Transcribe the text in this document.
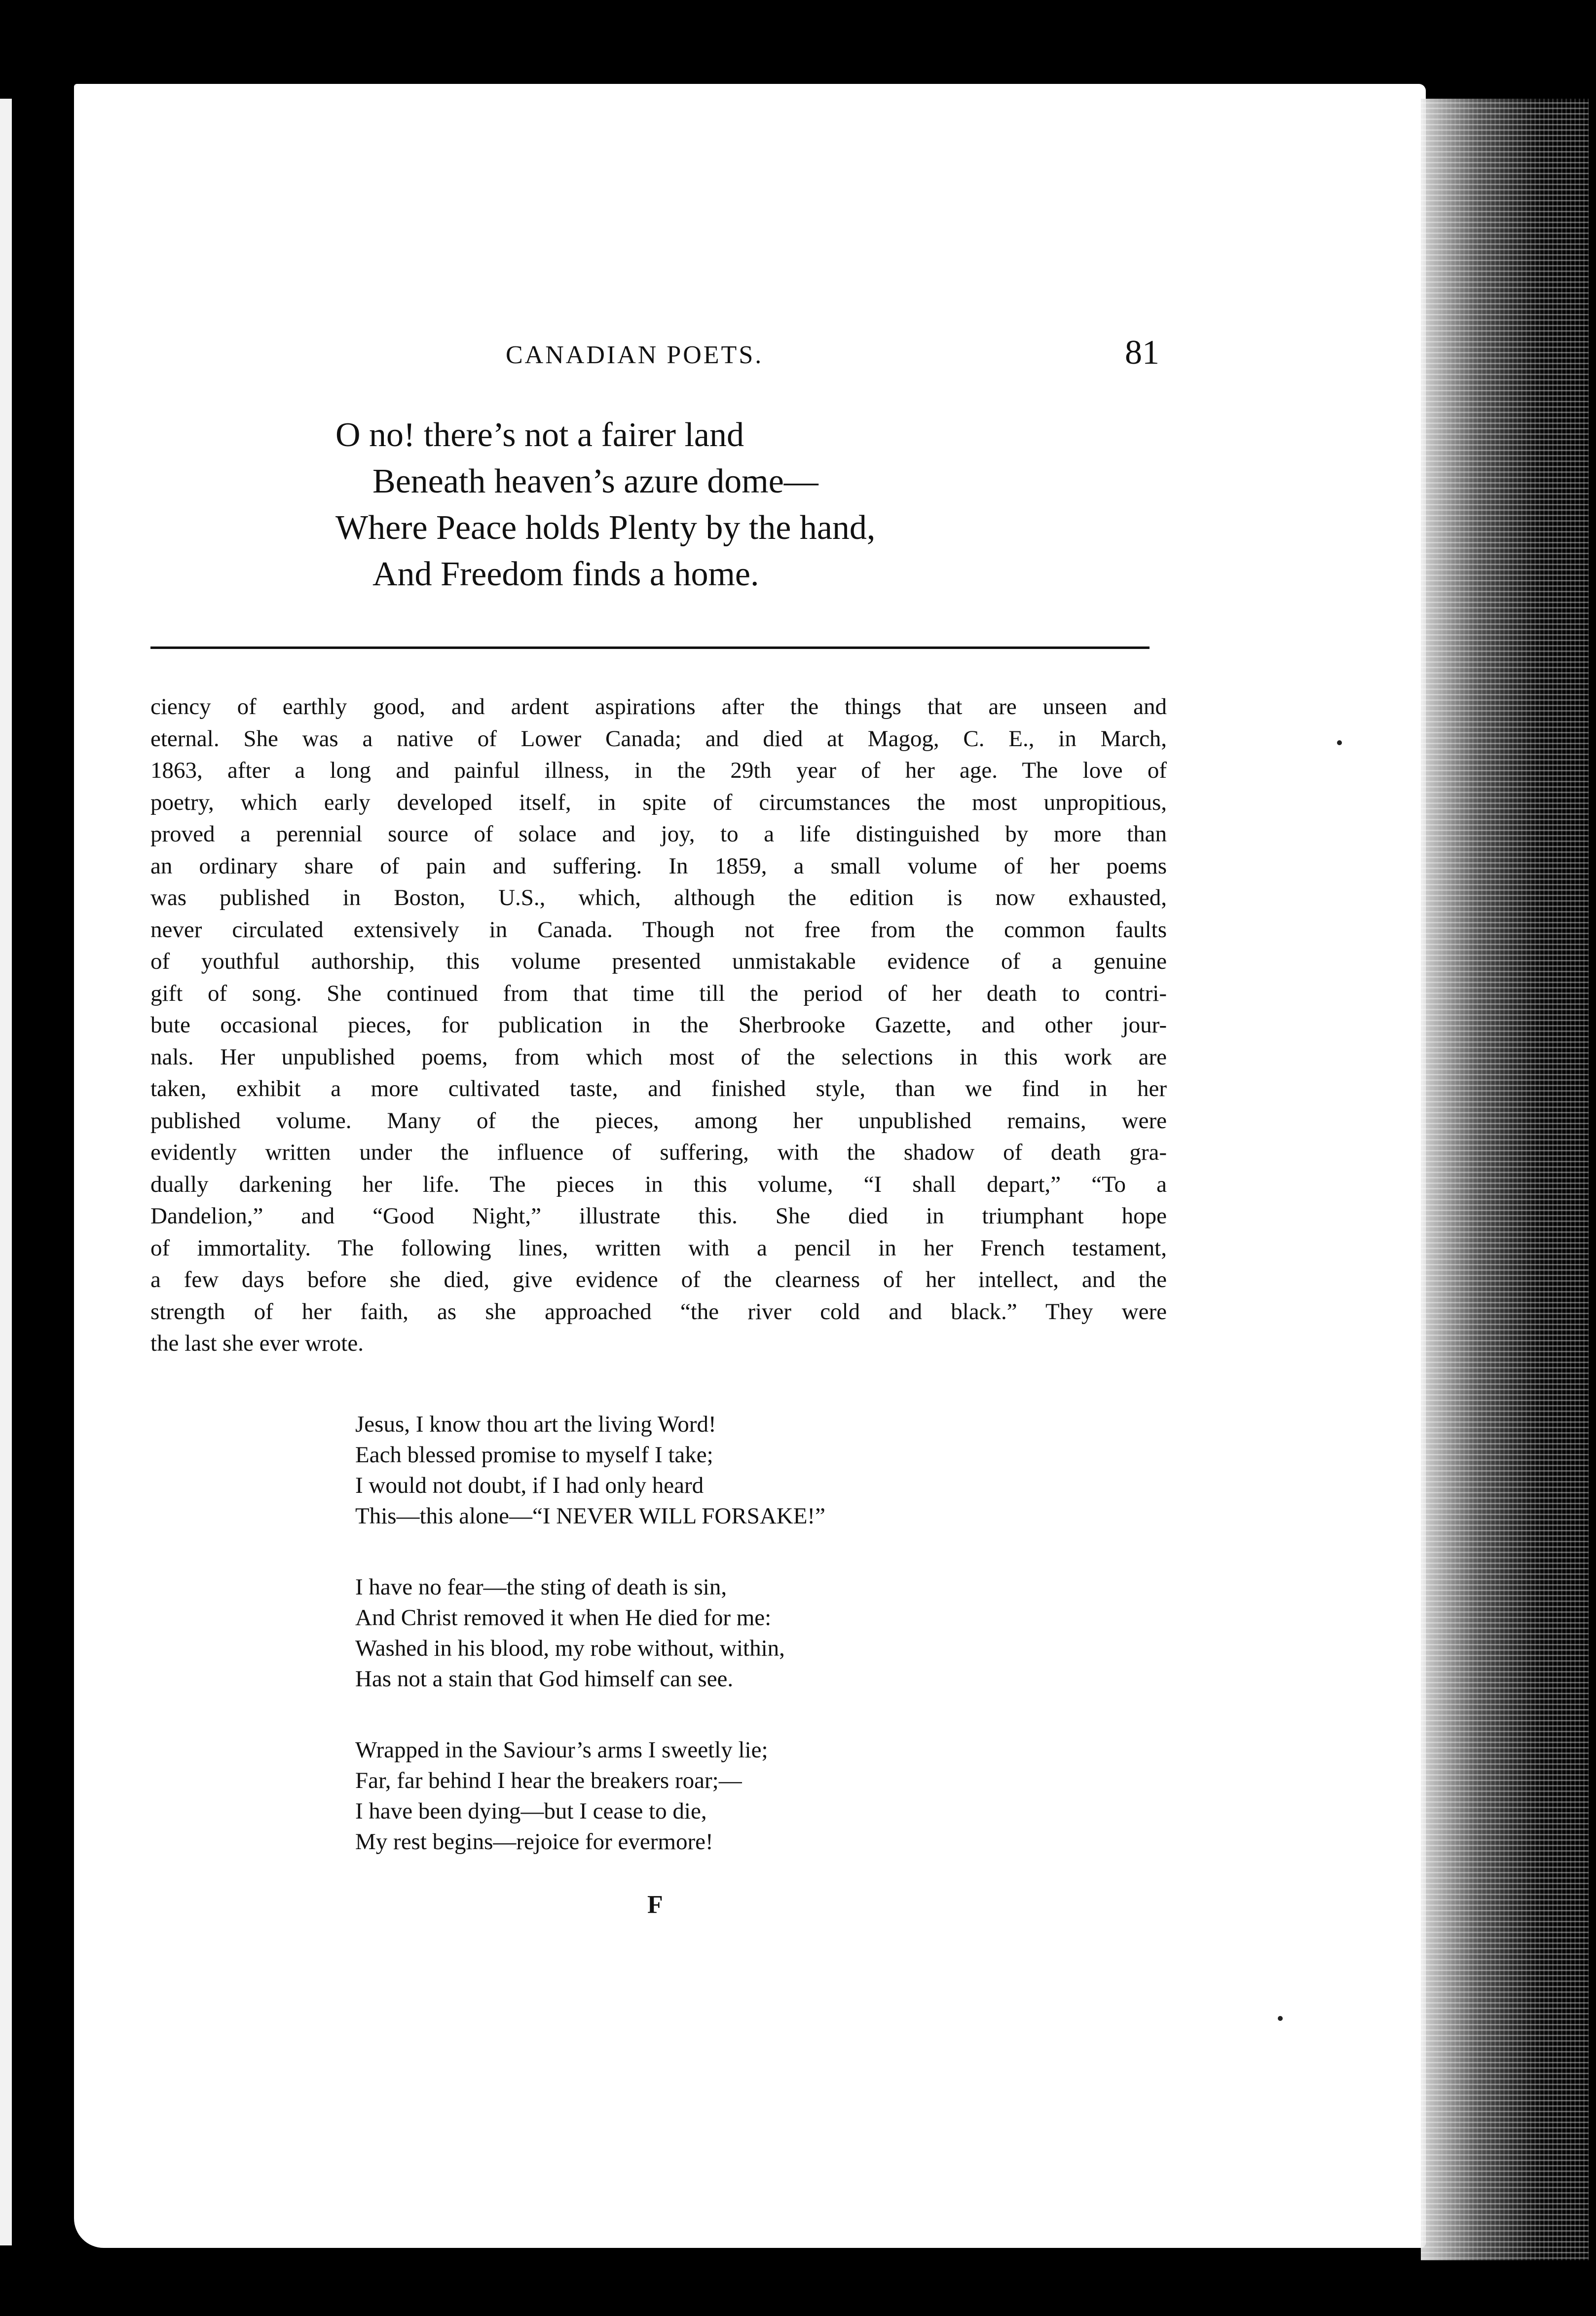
CANADIAN POETS.	81
O no! there’s not a fairer land
Beneath heaven’s azure dome—
Where Peace holds Plenty by the hand,
And Freedom finds a home.
ciency of earthly good, and ardent aspirations after the things that are unseen and
eternal. She was a native of Lower Canada; and died at Magog, C. E., in March,
1863, after a long and painful illness, in the 29th year of her age. The love of
poetry, which early developed itself, in spite of circumstances the most unpropitious,
proved a perennial source of solace and joy, to a life distinguished by more than
an ordinary share of pain and suffering. In 1859, a small volume of her poems
was published in Boston, U.S., which, although the edition is now exhausted,
never circulated extensively in Canada. Though not free from the common faults
of youthful authorship, this volume presented unmistakable evidence of a genuine
gift of song. She continued from that time till the period of her death to contri-
bute occasional pieces, for publication in the Sherbrooke Gazette, and other jour-
nals. Her unpublished poems, from which most of the selections in this work are
taken, exhibit a more cultivated taste, and finished style, than we find in her
published volume. Many of the pieces, among her unpublished remains, were
evidently written under the influence of suffering, with the shadow of death gra-
dually darkening her life. The pieces in this volume, “I shall depart,” “To a
Dandelion,” and “Good Night,” illustrate this. She died in triumphant hope
of immortality. The following lines, written with a pencil in her French testament,
a few days before she died, give evidence of the clearness of her intellect, and the
strength of her faith, as she approached “the river cold and black.” They were
the last she ever wrote.
Jesus, I know thou art the living Word!
Each blessed promise to myself I take;
I would not doubt, if I had only heard
This—this alone—“I NEVER WILL FORSAKE!”
I have no fear—the sting of death is sin,
And Christ removed it when He died for me:
Washed in his blood, my robe without, within,
Has not a stain that God himself can see.
Wrapped in the Saviour’s arms I sweetly lie;
Far, far behind I hear the breakers roar;—
I have been dying—but I cease to die,
My rest begins—rejoice for evermore!
F
